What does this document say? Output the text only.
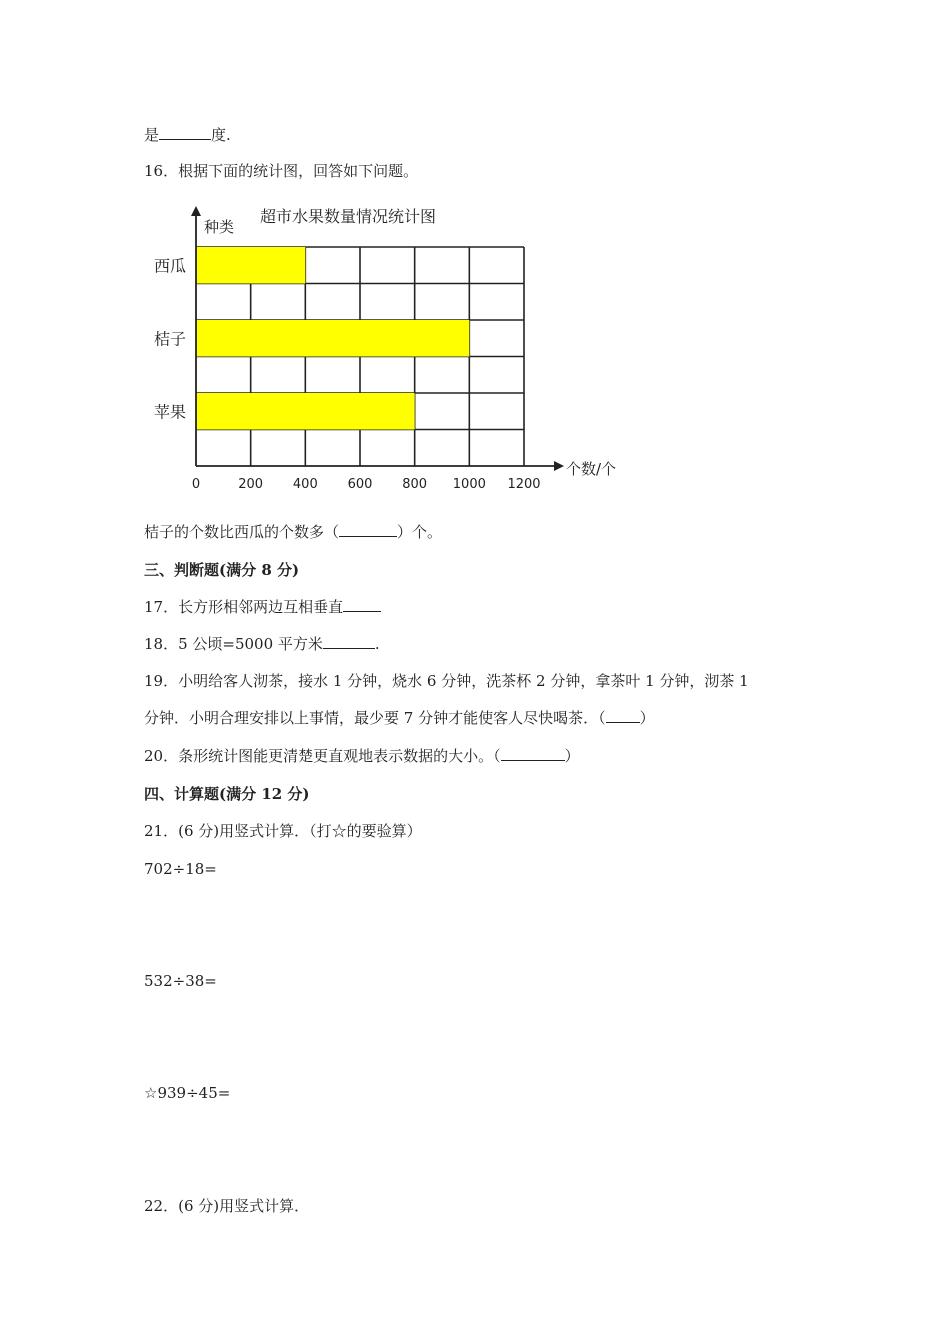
是	度.
16．根据下面的统计图，回答如下问题。
超市水果数量情况统计图
种类
个数/个
西瓜
桔子
苹果
0	200 400 600 800 1000 1200
桔子的个数比西瓜的个数多（	）个。
三、判断题(满分 8 分)
17．长方形相邻两边互相垂直
18．5 公顷=5000 平方米	.
19．小明给客人沏茶，接水 1 分钟，烧水 6 分钟，洗茶杯 2 分钟，拿茶叶 1 分钟，沏茶 1
分钟．小明合理安排以上事情，最少要 7 分钟才能使客人尽快喝茶．（ ）
20．条形统计图能更清楚更直观地表示数据的大小。（	）
四、计算题(满分 12 分)
21．(6 分)用竖式计算．（打☆的要验算）
702÷18=
532÷38=
☆939÷45=
22．(6 分)用竖式计算．
